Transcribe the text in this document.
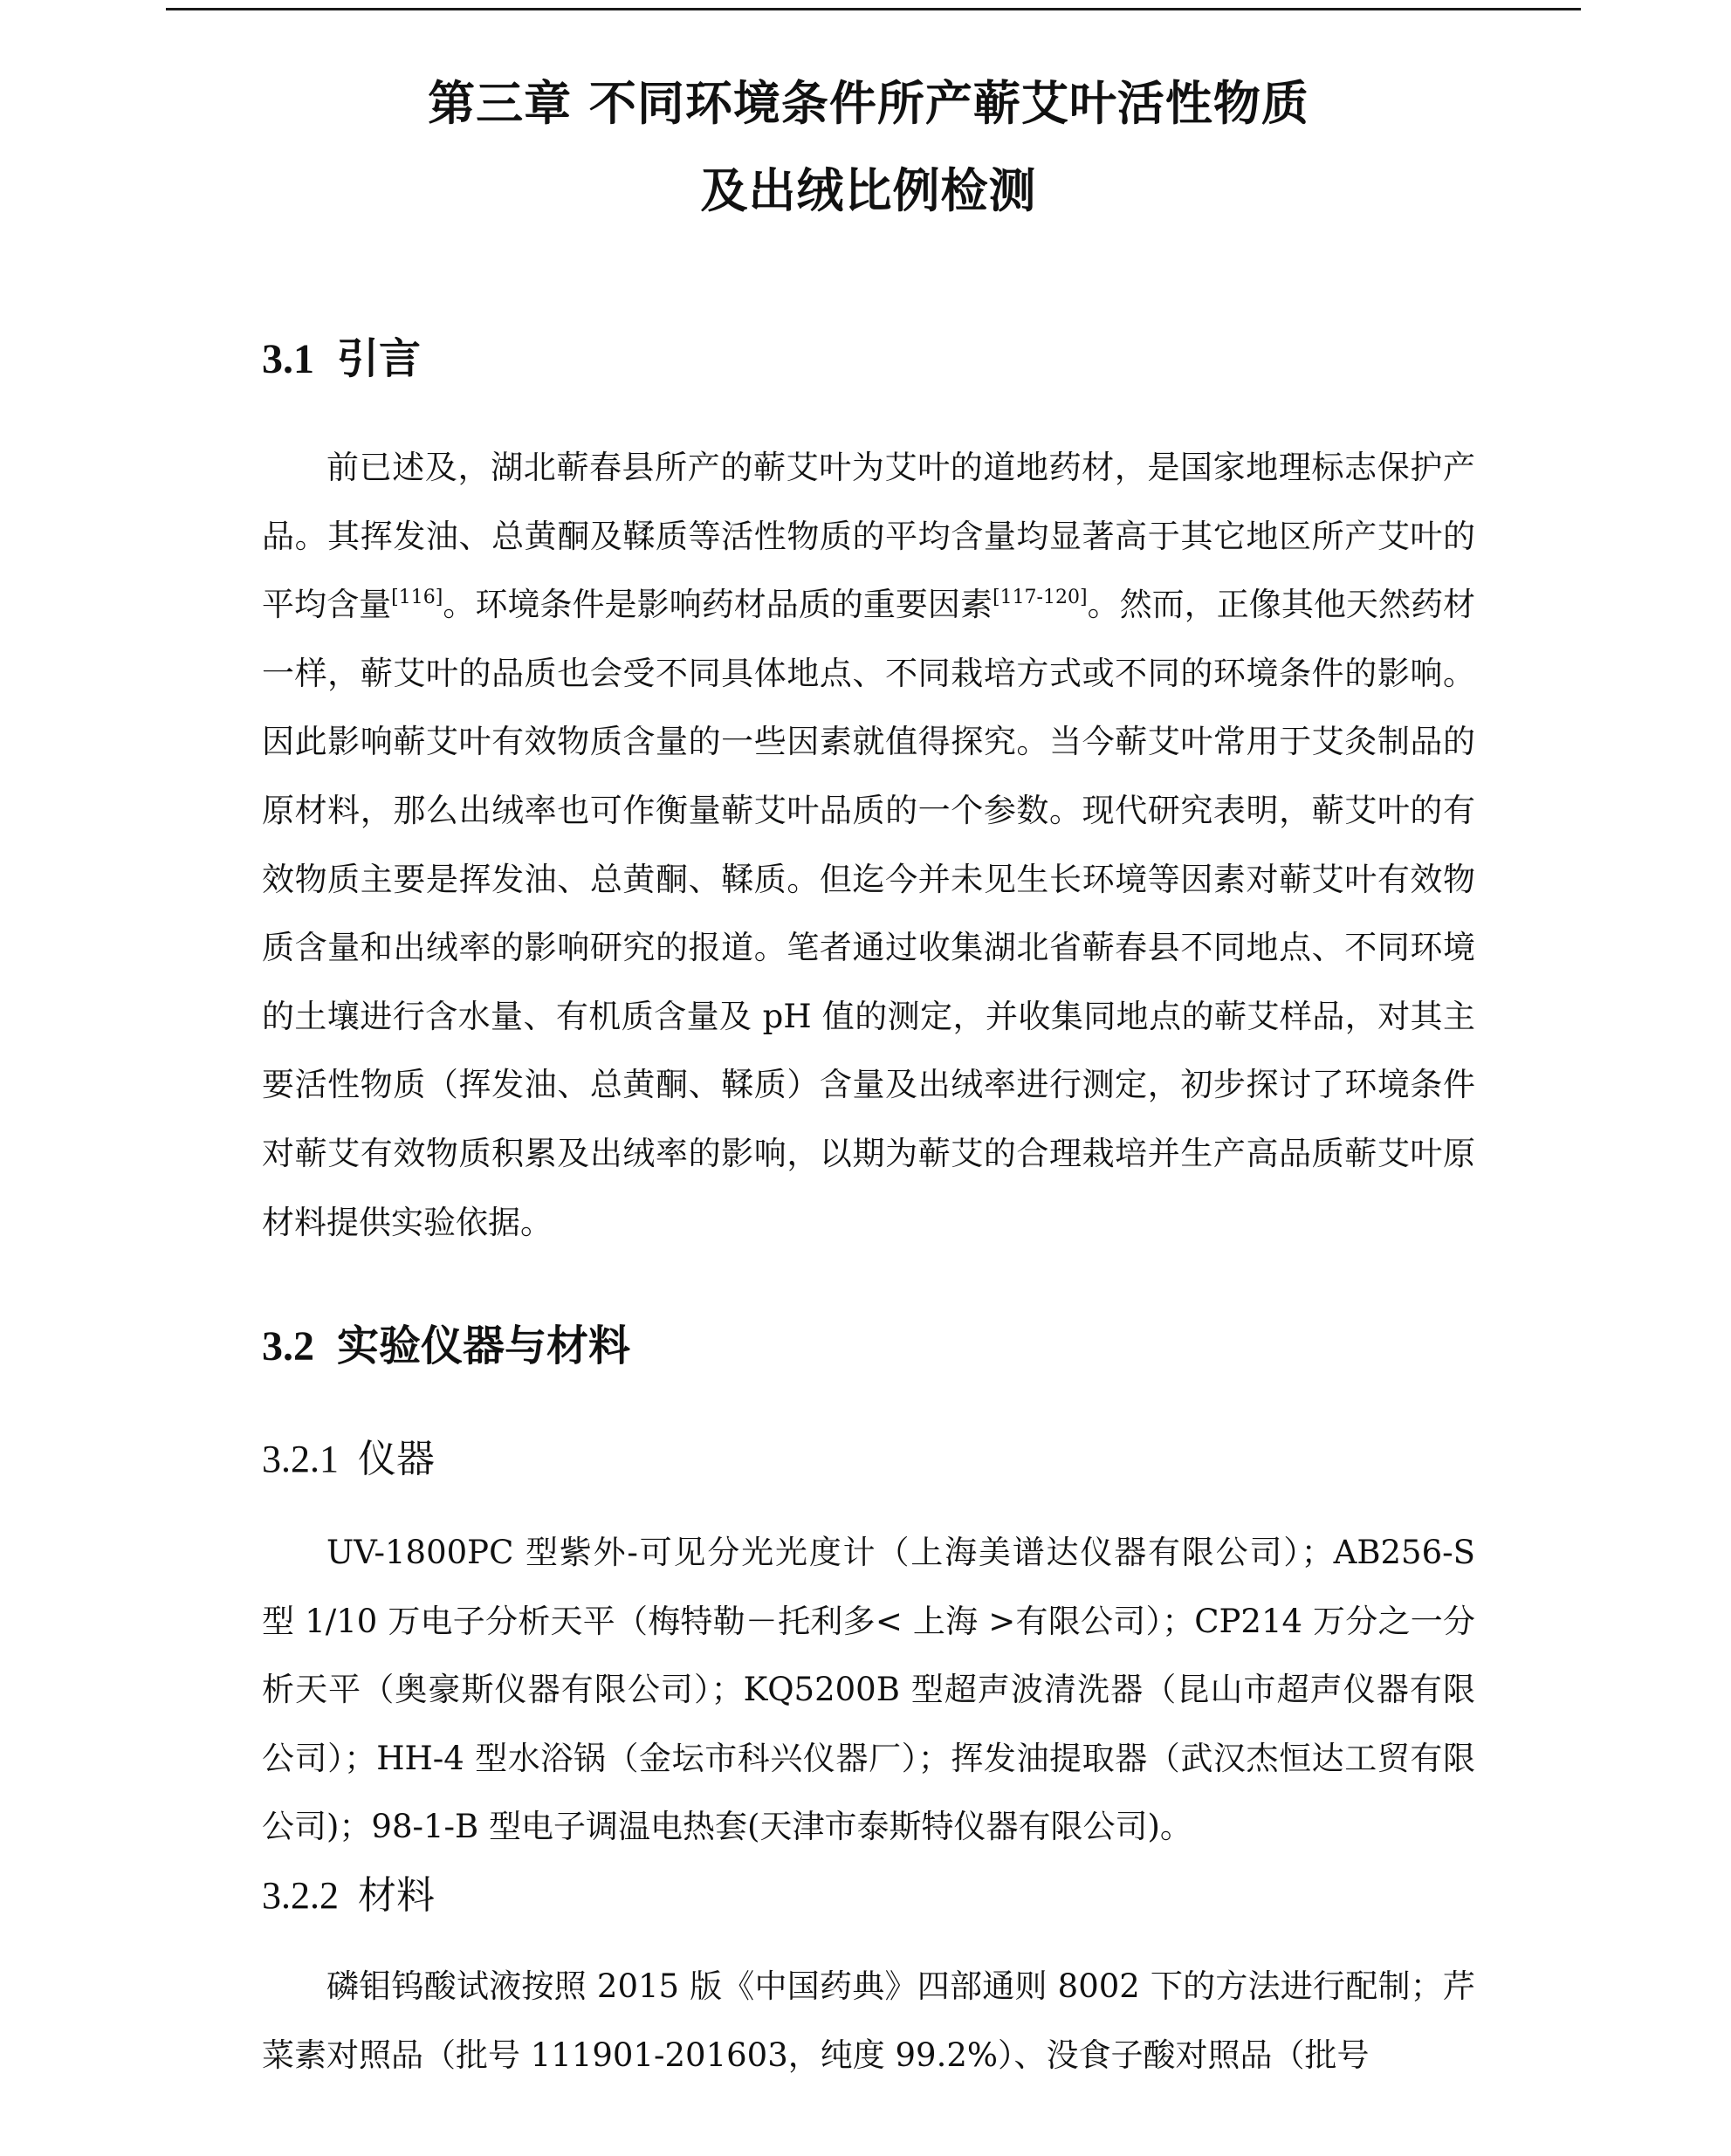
第三章 不同环境条件所产蕲艾叶活性物质
及出绒比例检测
3.1 引言

前已述及，湖北蕲春县所产的蕲艾叶为艾叶的道地药材，是国家地理标志保护产品。其挥发油、总黄酮及鞣质等活性物质的平均含量均显著高于其它地区所产艾叶的平均含量[116]。环境条件是影响药材品质的重要因素[117-120]。然而，正像其他天然药材一样，蕲艾叶的品质也会受不同具体地点、不同栽培方式或不同的环境条件的影响。因此影响蕲艾叶有效物质含量的一些因素就值得探究。当今蕲艾叶常用于艾灸制品的原材料，那么出绒率也可作衡量蕲艾叶品质的一个参数。现代研究表明，蕲艾叶的有效物质主要是挥发油、总黄酮、鞣质。但迄今并未见生长环境等因素对蕲艾叶有效物质含量和出绒率的影响研究的报道。笔者通过收集湖北省蕲春县不同地点、不同环境的土壤进行含水量、有机质含量及 pH 值的测定，并收集同地点的蕲艾样品，对其主要活性物质（挥发油、总黄酮、鞣质）含量及出绒率进行测定，初步探讨了环境条件对蕲艾有效物质积累及出绒率的影响，以期为蕲艾的合理栽培并生产高品质蕲艾叶原材料提供实验依据。

3.2 实验仪器与材料
3.2.1 仪器

UV-1800PC 型紫外-可见分光光度计（上海美谱达仪器有限公司）；AB256-S 型 1/10 万电子分析天平（梅特勒－托利多< 上海 >有限公司）；CP214 万分之一分析天平（奥豪斯仪器有限公司）；KQ5200B 型超声波清洗器（昆山市超声仪器有限公司）；HH-4 型水浴锅（金坛市科兴仪器厂）；挥发油提取器（武汉杰恒达工贸有限公司)；98-1-B 型电子调温电热套(天津市泰斯特仪器有限公司)。

3.2.2 材料

磷钼钨酸试液按照 2015 版《中国药典》四部通则 8002 下的方法进行配制；芹菜素对照品（批号 111901-201603，纯度 99.2%）、没食子酸对照品（批号
